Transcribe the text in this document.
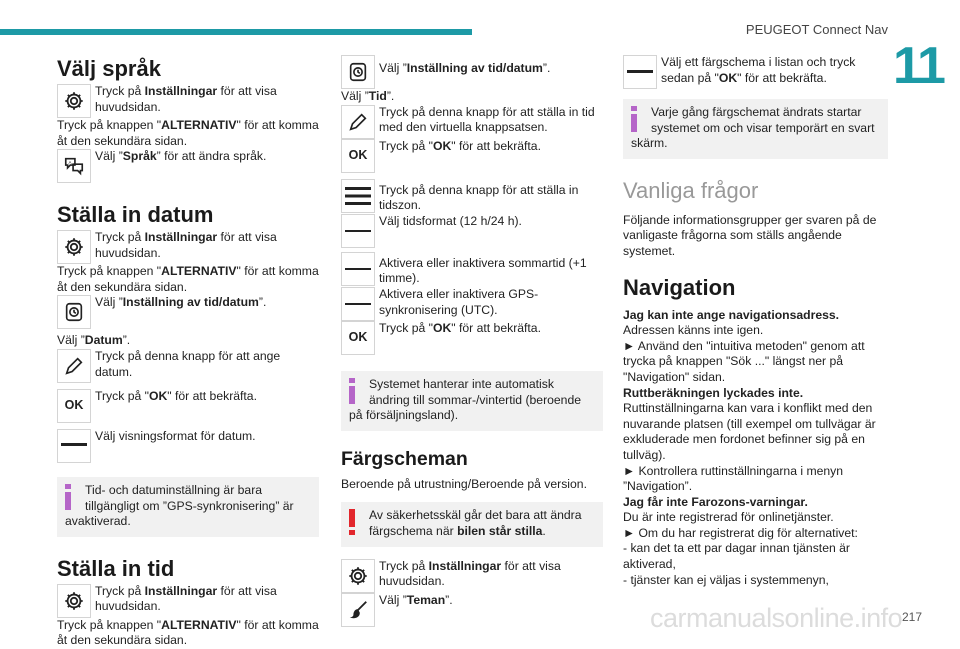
PEUGEOT Connect Nav
11
Välj språk

Tryck på Inställningar för att visa huvudsidan.

Tryck på knappen "ALTERNATIV" för att komma åt den sekundära sidan.

A Välj ”Språk” för att ändra språk.

Ställa in datum

Tryck på Inställningar för att visa huvudsidan.

Tryck på knappen "ALTERNATIV" för att komma åt den sekundära sidan.

Välj ”Inställning av tid/datum”.

Välj ”Datum”.

Tryck på denna knapp för att ange datum.

OK

Tryck på "OK" för att bekräfta.

Välj visningsformat för datum.

Tid- och datuminställning är bara tillgängligt om ”GPS-synkronisering” är

avaktiverad.

Ställa in tid

Tryck på Inställningar för att visa huvudsidan.

Tryck på knappen "ALTERNATIV" för att komma åt den sekundära sidan.

Välj ”Inställning av tid/datum”.

Välj ”Tid”.

Tryck på denna knapp för att ställa in tid med den virtuella knappsatsen.

OK

Tryck på "OK" för att bekräfta.

Tryck på denna knapp för att ställa in tidszon.

Välj tidsformat (12 h/24 h).

Aktivera eller inaktivera sommartid (+1 timme).

Aktivera eller inaktivera GPS-synkronisering (UTC).

OK

Tryck på "OK" för att bekräfta.

Systemet hanterar inte automatisk ändring till sommar-/vintertid (beroende

på försäljningsland).

Färgscheman

Beroende på utrustning/Beroende på version.

Av säkerhetsskäl går det bara att ändra färgschema när bilen står stilla.

Tryck på Inställningar för att visa huvudsidan.

Välj ”Teman”.

Välj ett färgschema i listan och tryck sedan på "OK" för att bekräfta.

Varje gång färgschemat ändrats startar systemet om och visar temporärt en svart

skärm.

Vanliga frågor

Följande informationsgrupper ger svaren på de vanligaste frågorna som ställs angående systemet.

Navigation

Jag kan inte ange navigationsadress.

Adressen känns inte igen.

► Använd den "intuitiva metoden" genom att trycka på knappen "Sök ..." längst ner på "Navigation" sidan.

Ruttberäkningen lyckades inte.

Ruttinställningarna kan vara i konflikt med den nuvarande platsen (till exempel om tullvägar är exkluderade men fordonet befinner sig på en tullväg).

► Kontrollera ruttinställningarna i menyn ”Navigation”.

Jag får inte Farozons-varningar.

Du är inte registrerad för onlinetjänster.

► Om du har registrerat dig för alternativet:

- kan det ta ett par dagar innan tjänsten är aktiverad,

- tjänster kan ej väljas i systemmenyn,

carmanualsonline.info 217
